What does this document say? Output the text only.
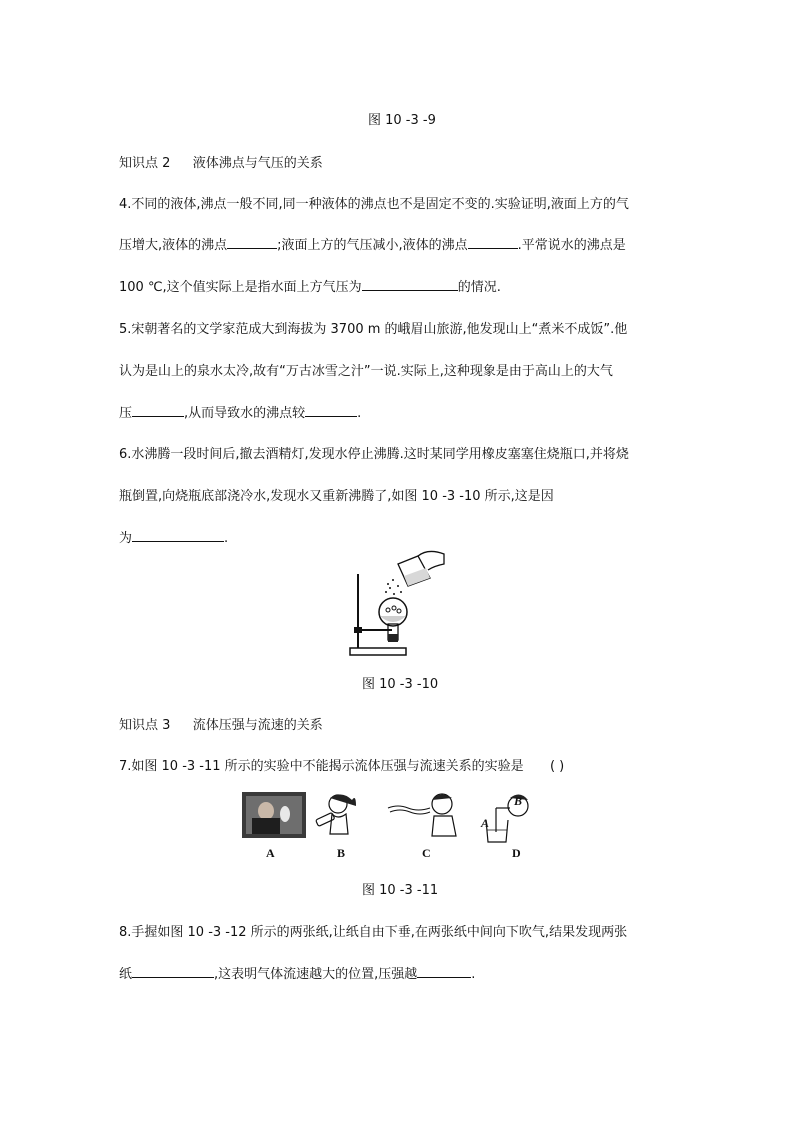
图 10 -3 -9
知识点 2 液体沸点与气压的关系
4.不同的液体,沸点一般不同,同一种液体的沸点也不是固定不变的.实验证明,液面上方的气
压增大,液体的沸点	;液面上方的气压减小,液体的沸点	.平常说水的沸点是
100 ℃,这个值实际上是指水面上方气压为	的情况.
5.宋朝著名的文学家范成大到海拔为 3700 m 的峨眉山旅游,他发现山上“煮米不成饭”.他
认为是山上的泉水太冷,故有“万古冰雪之汁”一说.实际上,这种现象是由于高山上的大气
压	,从而导致水的沸点较	.
6.水沸腾一段时间后,撤去酒精灯,发现水停止沸腾.这时某同学用橡皮塞塞住烧瓶口,并将烧
瓶倒置,向烧瓶底部浇冷水,发现水又重新沸腾了,如图 10 -3 -10 所示,这是因
为	.
图 10 -3 -10
知识点 3 流体压强与流速的关系
7.如图 10 -3 -11 所示的实验中不能揭示流体压强与流速关系的实验是 ( )
B
A
A	B	C	D
图 10 -3 -11
8.手握如图 10 -3 -12 所示的两张纸,让纸自由下垂,在两张纸中间向下吹气,结果发现两张
纸	,这表明气体流速越大的位置,压强越	.
